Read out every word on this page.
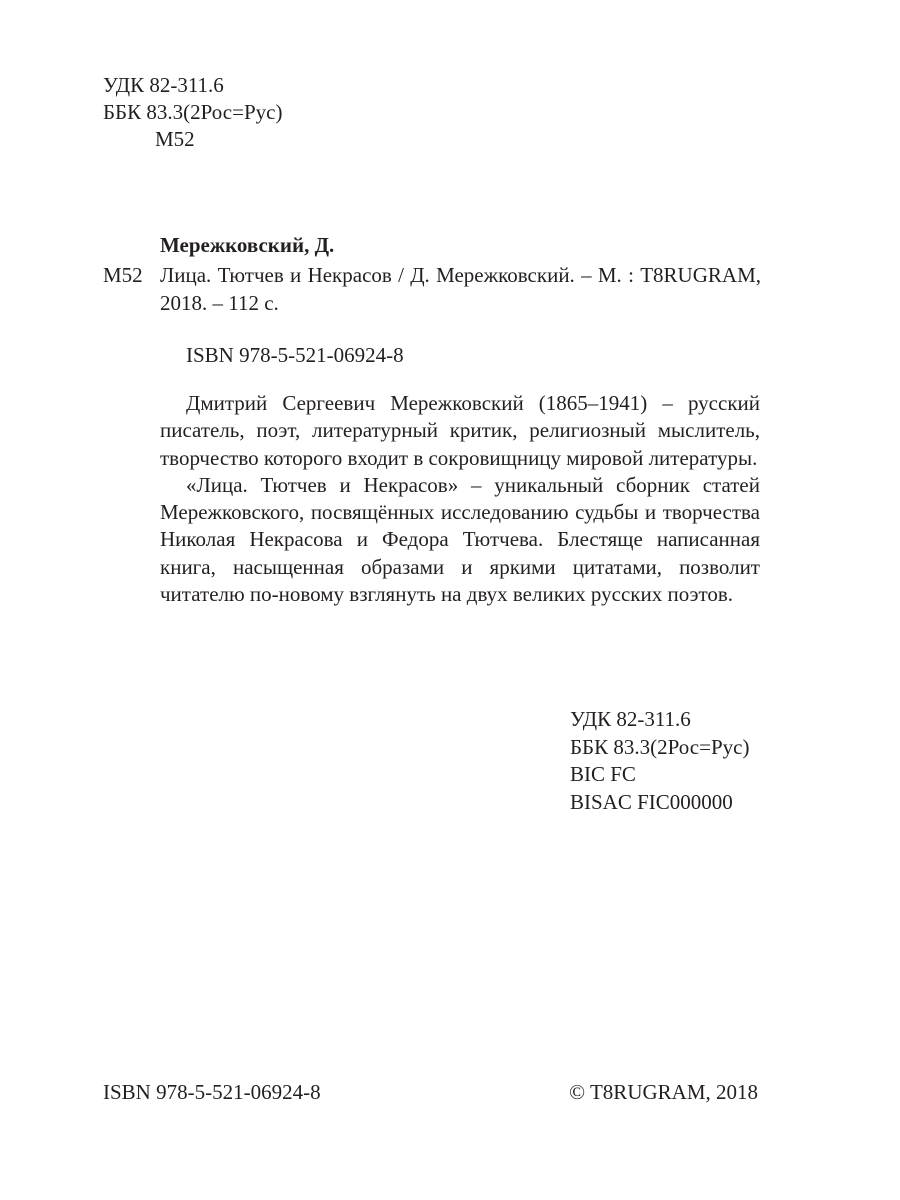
УДК 82-311.6
ББК 83.3(2Рос=Рус)
М52
Мережковский, Д.
М52 Лица. Тютчев и Некрасов / Д. Мережковский. – М. : T8RUGRAM, 2018. – 112 с.
ISBN 978-5-521-06924-8

Дмитрий Сергеевич Мережковский (1865–1941) – русский писатель, поэт, литературный критик, религиозный мыслитель, творчество которого входит в сокровищницу мировой литературы.

«Лица. Тютчев и Некрасов» – уникальный сборник статей Мережковского, посвящённых исследованию судьбы и творчества Николая Некрасова и Федора Тютчева. Блестяще написанная книга, насыщенная образами и яркими цитатами, позволит читателю по-новому взглянуть на двух великих русских поэтов.

УДК 82-311.6
ББК 83.3(2Рос=Рус)
BIC FC
BISAC FIC000000
ISBN 978-5-521-06924-8	© T8RUGRAM, 2018
